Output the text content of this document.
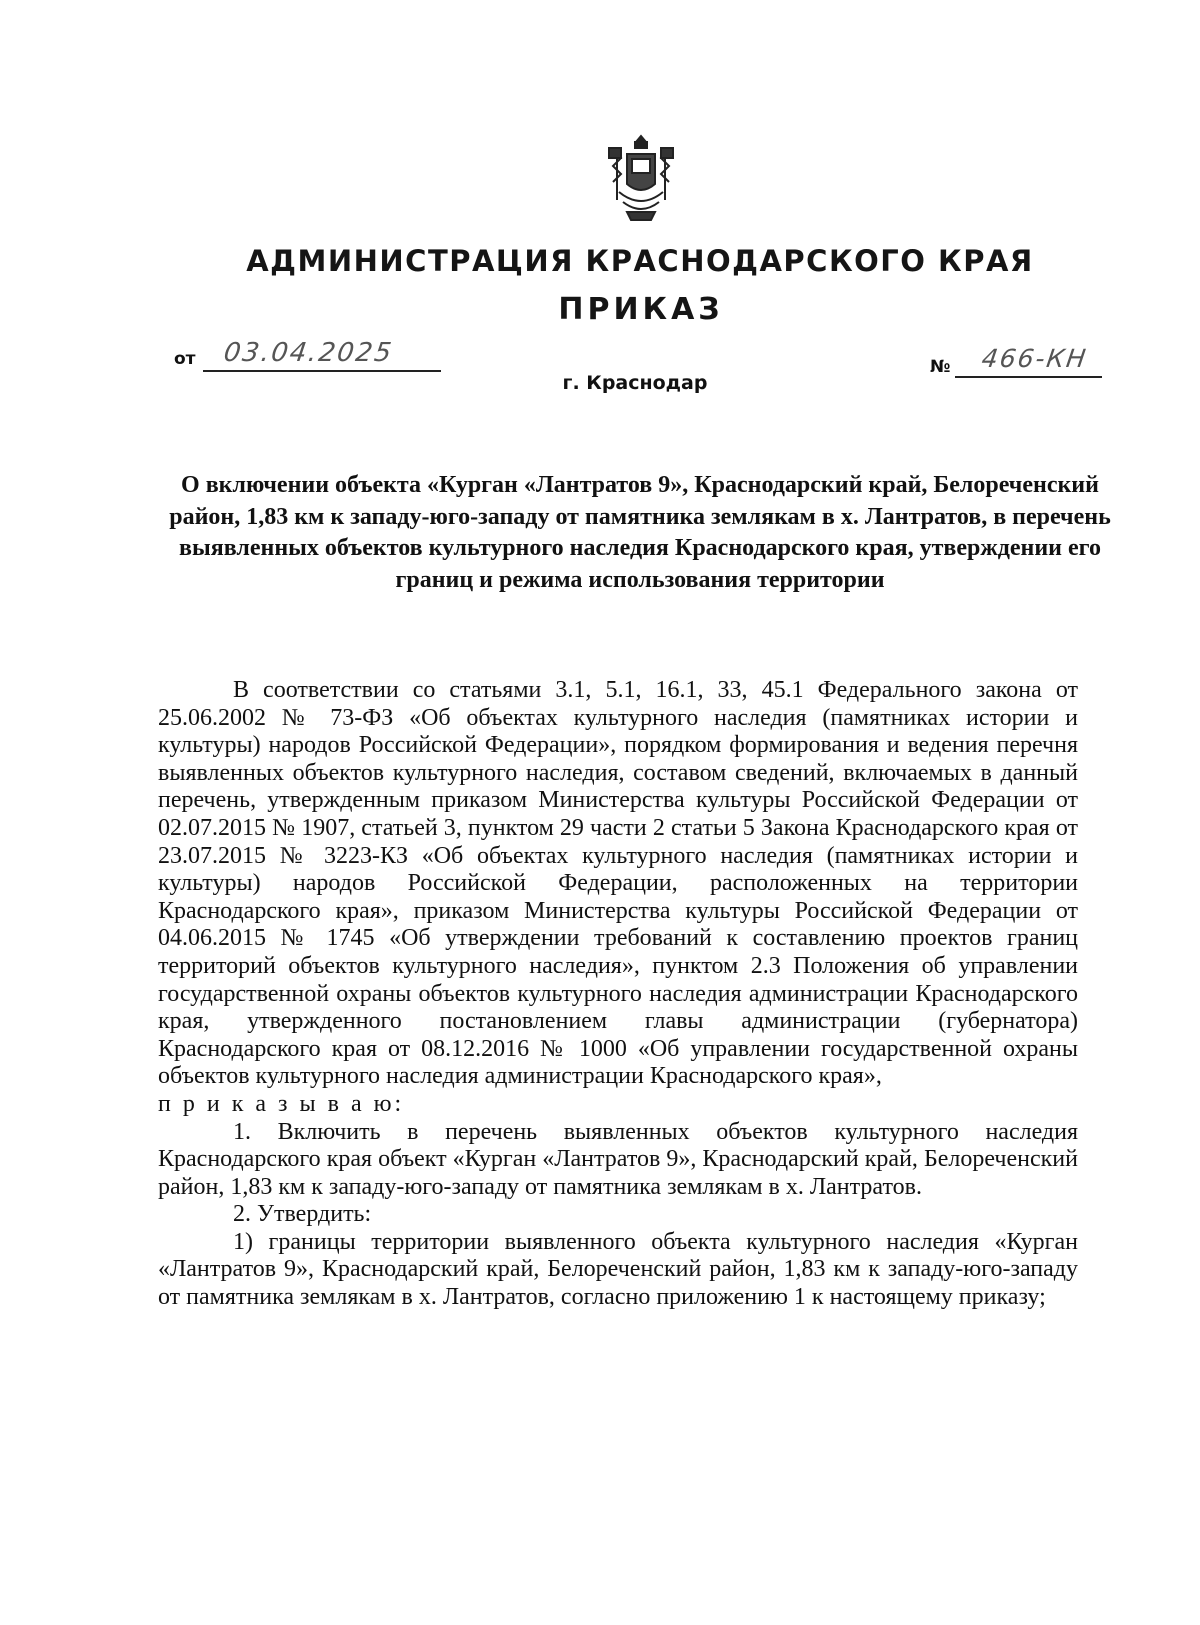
АДМИНИСТРАЦИЯ КРАСНОДАРСКОГО КРАЯ
ПРИКАЗ
от 03.04.2025	№ 466-КН
г. Краснодар
О включении объекта «Курган «Лантратов 9», Краснодарский край, Белореченский район, 1,83 км к западу-юго-западу от памятника землякам в х. Лантратов, в перечень выявленных объектов культурного наследия Краснодарского края, утверждении его границ и режима использования территории

В соответствии со статьями 3.1, 5.1, 16.1, 33, 45.1 Федерального закона от 25.06.2002 № 73-ФЗ «Об объектах культурного наследия (памятниках истории и культуры) народов Российской Федерации», порядком формирования и ведения перечня выявленных объектов культурного наследия, составом сведений, включаемых в данный перечень, утвержденным приказом Министерства культуры Российской Федерации от 02.07.2015 № 1907, статьей 3, пунктом 29 части 2 статьи 5 Закона Краснодарского края от 23.07.2015 № 3223-КЗ «Об объектах культурного наследия (памятниках истории и культуры) народов Российской Федерации, расположенных на территории Краснодарского края», приказом Министерства культуры Российской Федерации от 04.06.2015 № 1745 «Об утверждении требований к составлению проектов границ территорий объектов культурного наследия», пунктом 2.3 Положения об управлении государственной охраны объектов культурного наследия администрации Краснодарского края, утвержденного постановлением главы администрации (губернатора) Краснодарского края от 08.12.2016 № 1000 «Об управлении государственной охраны объектов культурного наследия администрации Краснодарского края»,

п р и к а з ы в а ю:

1. Включить в перечень выявленных объектов культурного наследия Краснодарского края объект «Курган «Лантратов 9», Краснодарский край, Белореченский район, 1,83 км к западу-юго-западу от памятника землякам в х. Лантратов.

2. Утвердить:

1) границы территории выявленного объекта культурного наследия «Курган «Лантратов 9», Краснодарский край, Белореченский район, 1,83 км к западу-юго-западу от памятника землякам в х. Лантратов, согласно приложению 1 к настоящему приказу;
